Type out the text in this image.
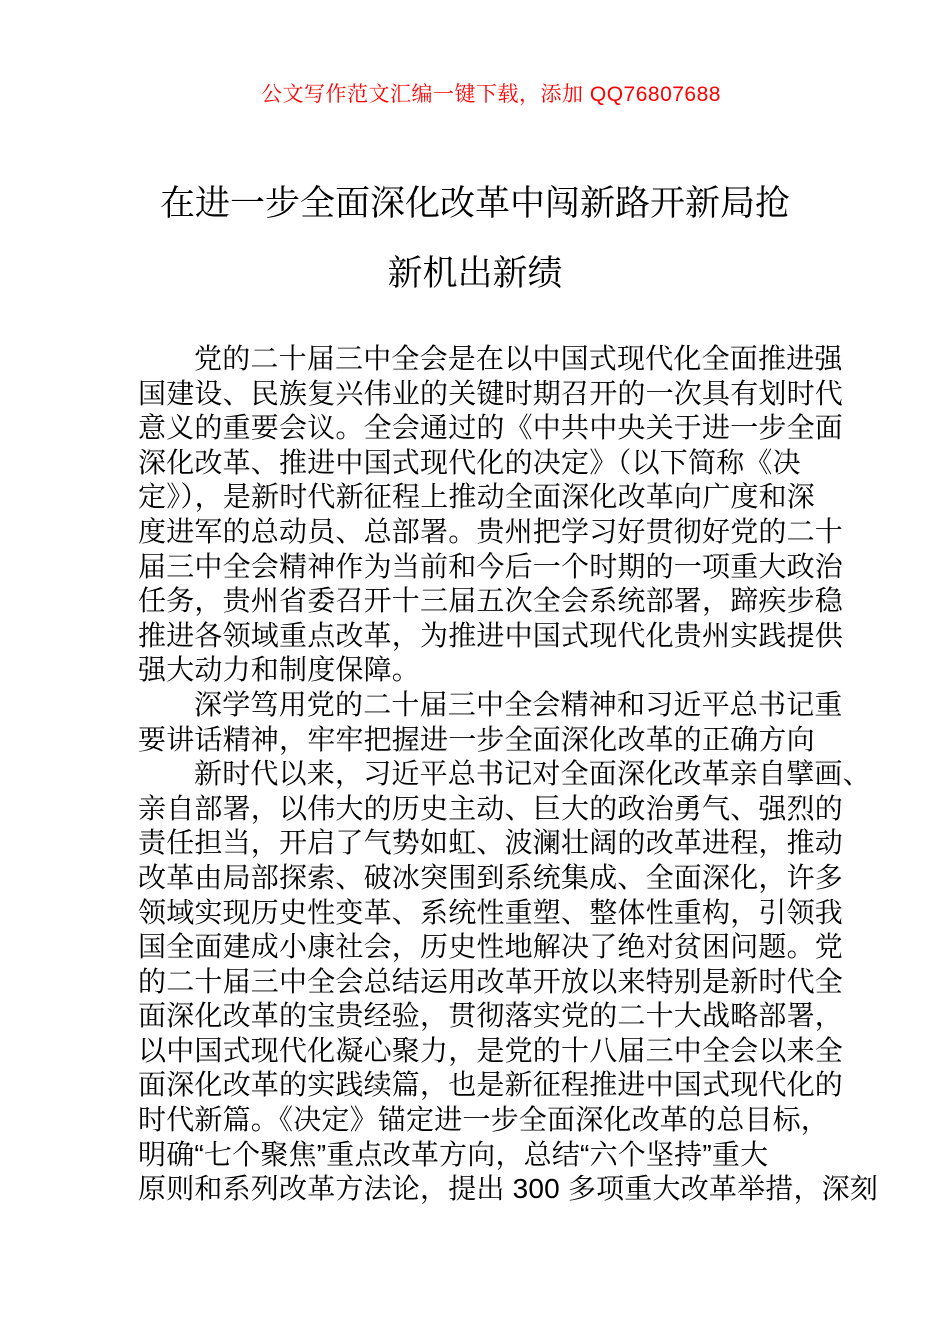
公文写作范文汇编一键下载，添加 QQ76807688
在进一步全面深化改革中闯新路开新局抢
新机出新绩
党的二十届三中全会是在以中国式现代化全面推进强
国建设、民族复兴伟业的关键时期召开的一次具有划时代
意义的重要会议。全会通过的《中共中央关于进一步全面
深化改革、推进中国式现代化的决定》（以下简称《决
定》），是新时代新征程上推动全面深化改革向广度和深
度进军的总动员、总部署。贵州把学习好贯彻好党的二十
届三中全会精神作为当前和今后一个时期的一项重大政治
任务，贵州省委召开十三届五次全会系统部署，蹄疾步稳
推进各领域重点改革，为推进中国式现代化贵州实践提供
强大动力和制度保障。
深学笃用党的二十届三中全会精神和习近平总书记重
要讲话精神，牢牢把握进一步全面深化改革的正确方向
新时代以来，习近平总书记对全面深化改革亲自擘画、
亲自部署，以伟大的历史主动、巨大的政治勇气、强烈的
责任担当，开启了气势如虹、波澜壮阔的改革进程，推动
改革由局部探索、破冰突围到系统集成、全面深化，许多
领域实现历史性变革、系统性重塑、整体性重构，引领我
国全面建成小康社会，历史性地解决了绝对贫困问题。党
的二十届三中全会总结运用改革开放以来特别是新时代全
面深化改革的宝贵经验，贯彻落实党的二十大战略部署，
以中国式现代化凝心聚力，是党的十八届三中全会以来全
面深化改革的实践续篇，也是新征程推进中国式现代化的
时代新篇。《决定》锚定进一步全面深化改革的总目标，
明确“七个聚焦”重点改革方向，总结“六个坚持”重大
原则和系列改革方法论，提出 300 多项重大改革举措，深刻
